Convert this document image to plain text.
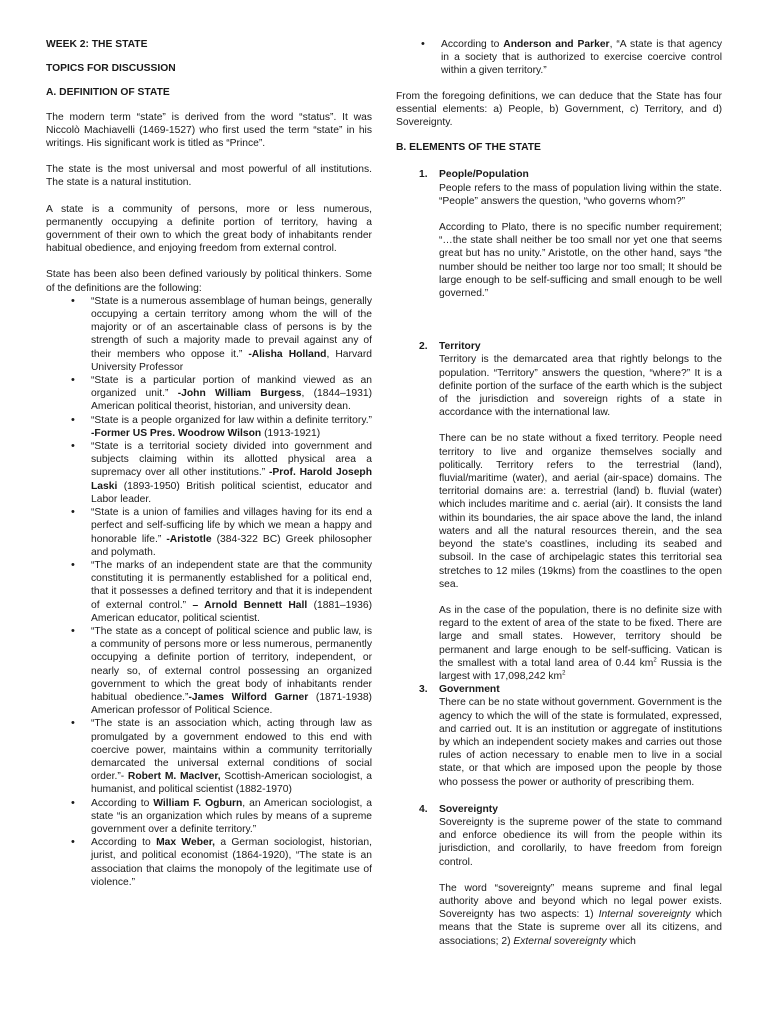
WEEK 2: THE STATE
TOPICS FOR DISCUSSION
A. DEFINITION OF STATE

The modern term “state” is derived from the word “status”. It was Niccolò Machiavelli (1469-1527) who first used the term “state” in his writings. His significant work is titled as “Prince”.

The state is the most universal and most powerful of all institutions. The state is a natural institution.

A state is a community of persons, more or less numerous, permanently occupying a definite portion of territory, having a government of their own to which the great body of inhabitants render habitual obedience, and enjoying freedom from external control.

State has been also been defined variously by political thinkers. Some of the definitions are the following:

• “State is a numerous assemblage of human beings, generally occupying a certain territory among whom the will of the majority or of an ascertainable class of persons is by the strength of such a majority made to prevail against any of their members who oppose it.” -Alisha Holland, Harvard University Professor
• “State is a particular portion of mankind viewed as an organized unit.” -John William Burgess, (1844–1931) American political theorist, historian, and university dean.
• “State is a people organized for law within a definite territory.” -Former US Pres. Woodrow Wilson (1913-1921)
• “State is a territorial society divided into government and subjects claiming within its allotted physical area a supremacy over all other institutions.” -Prof. Harold Joseph Laski (1893-1950) British political scientist, educator and Labor leader.
• “State is a union of families and villages having for its end a perfect and self-sufficing life by which we mean a happy and honorable life.” -Aristotle (384-322 BC) Greek philosopher and polymath.
• “The marks of an independent state are that the community constituting it is permanently established for a political end, that it possesses a defined territory and that it is independent of external control.” – Arnold Bennett Hall (1881–1936) American educator, political scientist.
• “The state as a concept of political science and public law, is a community of persons more or less numerous, permanently occupying a definite portion of territory, independent, or nearly so, of external control possessing an organized government to which the great body of inhabitants render habitual obedience.”-James Wilford Garner (1871-1938) American professor of Political Science.
• “The state is an association which, acting through law as promulgated by a government endowed to this end with coercive power, maintains within a community territorially demarcated the universal external conditions of social order.”- Robert M. MacIver, Scottish-American sociologist, a humanist, and political scientist (1882-1970)
• According to William F. Ogburn, an American sociologist, a state “is an organization which rules by means of a supreme government over a definite territory.”
• According to Max Weber, a German sociologist, historian, jurist, and political economist (1864-1920), “The state is an association that claims the monopoly of the legitimate use of violence.”
• According to Anderson and Parker, “A state is that agency in a society that is authorized to exercise coercive control within a given territory.”

From the foregoing definitions, we can deduce that the State has four essential elements: a) People, b) Government, c) Territory, and d) Sovereignty.

B. ELEMENTS OF THE STATE
1. People/Population

People refers to the mass of population living within the state. “People” answers the question, “who governs whom?”

According to Plato, there is no specific number requirement; “…the state shall neither be too small nor yet one that seems great but has no unity.” Aristotle, on the other hand, says “the number should be neither too large nor too small; It should be large enough to be self-sufficing and small enough to be well governed.”

2. Territory

Territory is the demarcated area that rightly belongs to the population. “Territory” answers the question, “where?” It is a definite portion of the surface of the earth which is the subject of the jurisdiction and sovereign rights of a state in accordance with the international law.

There can be no state without a fixed territory. People need territory to live and organize themselves socially and politically. Territory refers to the terrestrial (land), fluvial/maritime (water), and aerial (air-space) domains. The territorial domains are: a. terrestrial (land) b. fluvial (water) which includes maritime and c. aerial (air). It consists the land within its boundaries, the air space above the land, the inland waters and all the natural resources therein, and the sea beyond the state's coastlines, including its seabed and subsoil. In the case of archipelagic states this territorial sea stretches to 12 miles (19kms) from the coastlines to the open sea.

As in the case of the population, there is no definite size with regard to the extent of area of the state to be fixed. There are large and small states. However, territory should be permanent and large enough to be self-sufficing. Vatican is the smallest with a total land area of 0.44 $km^2$ Russia is the largest with 17,098,242 $km^2$

3. Government

There can be no state without government. Government is the agency to which the will of the state is formulated, expressed, and carried out. It is an institution or aggregate of institutions by which an independent society makes and carries out those rules of action necessary to enable men to live in a social state, or that which are imposed upon the people by those who possess the power or authority of prescribing them.

4. Sovereignty

Sovereignty is the supreme power of the state to command and enforce obedience its will from the people within its jurisdiction, and corollarily, to have freedom from foreign control.

The word “sovereignty” means supreme and final legal authority above and beyond which no legal power exists. Sovereignty has two aspects: 1) Internal sovereignty which means that the State is supreme over all its citizens, and associations; 2) External sovereignty which
